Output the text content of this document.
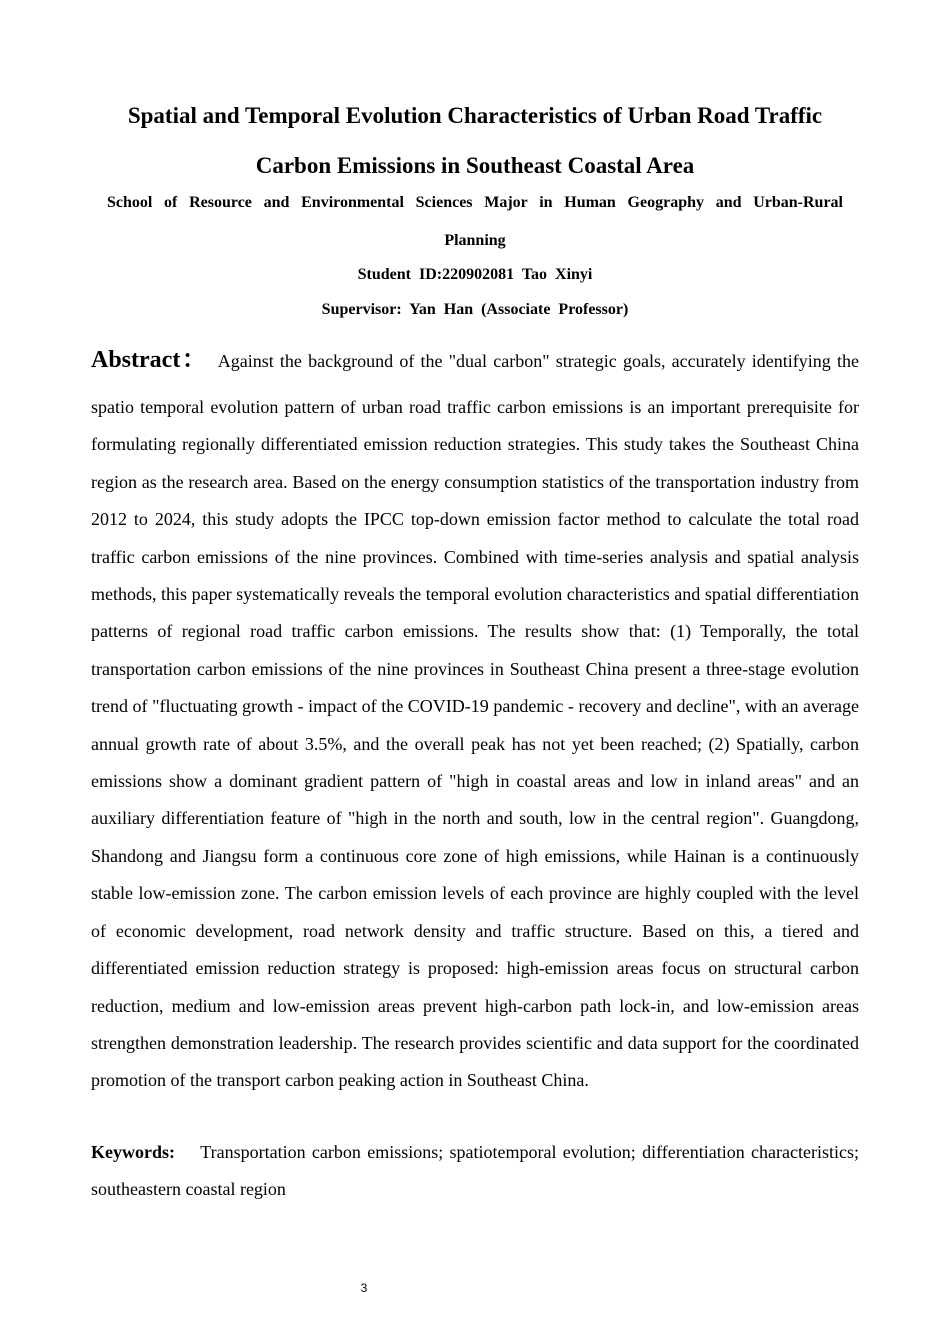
Spatial and Temporal Evolution Characteristics of Urban Road Traffic
Carbon Emissions in Southeast Coastal Area
School of Resource and Environmental Sciences Major in Human Geography and Urban-Rural
Planning
Student ID:220902081 Tao Xinyi
Supervisor: Yan Han (Associate Professor)
Abstract： Against the background of the "dual carbon" strategic goals, accurately identifying the
spatio temporal evolution pattern of urban road traffic carbon emissions is an important prerequisite for formulating regionally differentiated emission reduction strategies. This study takes the Southeast China region as the research area. Based on the energy consumption statistics of the transportation industry from 2012 to 2024, this study adopts the IPCC top-down emission factor method to calculate the total road traffic carbon emissions of the nine provinces. Combined with time-series analysis and spatial analysis methods, this paper systematically reveals the temporal evolution characteristics and spatial differentiation patterns of regional road traffic carbon emissions. The results show that: (1) Temporally, the total transportation carbon emissions of the nine provinces in Southeast China present a three-stage evolution trend of "fluctuating growth - impact of the COVID-19 pandemic - recovery and decline", with an average annual growth rate of about 3.5%, and the overall peak has not yet been reached; (2) Spatially, carbon emissions show a dominant gradient pattern of "high in coastal areas and low in inland areas" and an auxiliary differentiation feature of "high in the north and south, low in the central region". Guangdong, Shandong and Jiangsu form a continuous core zone of high emissions, while Hainan is a continuously stable low-emission zone. The carbon emission levels of each province are highly coupled with the level of economic development, road network density and traffic structure. Based on this, a tiered and differentiated emission reduction strategy is proposed: high-emission areas focus on structural carbon reduction, medium and low-emission areas prevent high-carbon path lock-in, and low-emission areas strengthen demonstration leadership. The research provides scientific and data support for the coordinated promotion of the transport carbon peaking action in Southeast China.
Keywords: Transportation carbon emissions; spatiotemporal evolution; differentiation characteristics; southeastern coastal region
3
